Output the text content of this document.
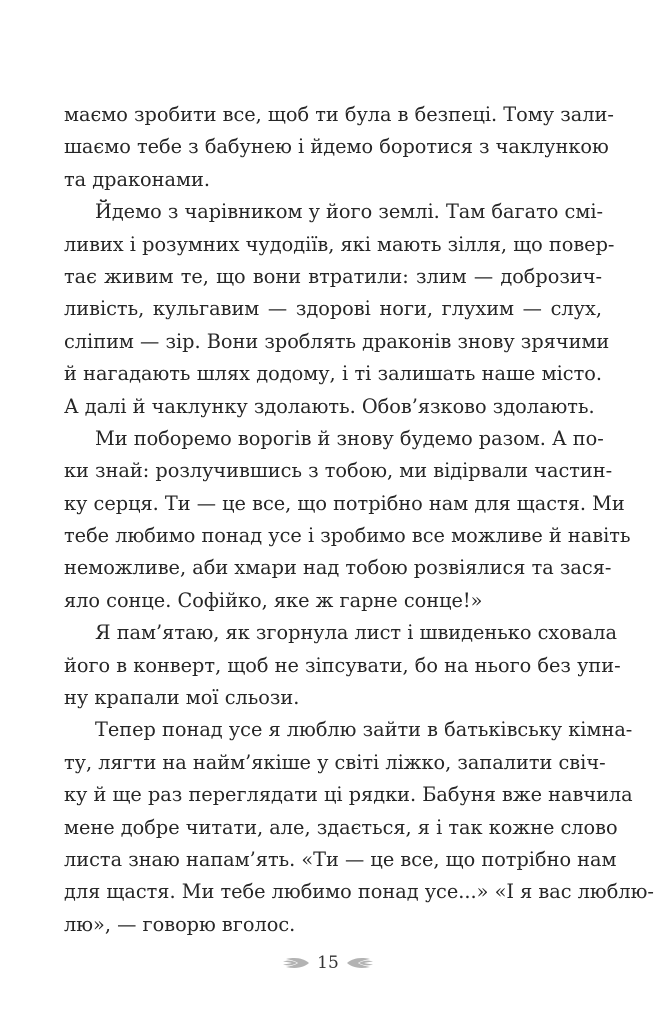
маємо зробити все, щоб ти була в безпеці. Тому зали-
шаємо тебе з бабунею і йдемо боротися з чаклункою
та драконами.

Йдемо з чарівником у його землі. Там багато смі-
ливих і розумних чудодіїв, які мають зілля, що повер-
тає живим те, що вони втратили: злим — доброзич-
ливість, кульгавим — здорові ноги, глухим — слух,
сліпим — зір. Вони зроблять драконів знову зрячими
й нагадають шлях додому, і ті залишать наше місто.
А далі й чаклунку здолають. Обов’язково здолають.

Ми поборемо ворогів й знову будемо разом. А по-
ки знай: розлучившись з тобою, ми відірвали частин-
ку серця. Ти — це все, що потрібно нам для щастя. Ми
тебе любимо понад усе і зробимо все можливе й навіть
неможливе, аби хмари над тобою розвіялися та зася-
яло сонце. Софійко, яке ж гарне сонце!»

Я пам’ятаю, як згорнула лист і швиденько сховала
його в конверт, щоб не зіпсувати, бо на нього без упи-
ну крапали мої сльози.

Тепер понад усе я люблю зайти в батьківську кімна-
ту, лягти на найм’якіше у світі ліжко, запалити свіч-
ку й ще раз переглядати ці рядки. Бабуня вже навчила
мене добре читати, але, здається, я і так кожне слово
листа знаю напам’ять. «Ти — це все, що потрібно нам
для щастя. Ми тебе любимо понад усе...» «І я вас люблю-
лю», — говорю вголос.

15
